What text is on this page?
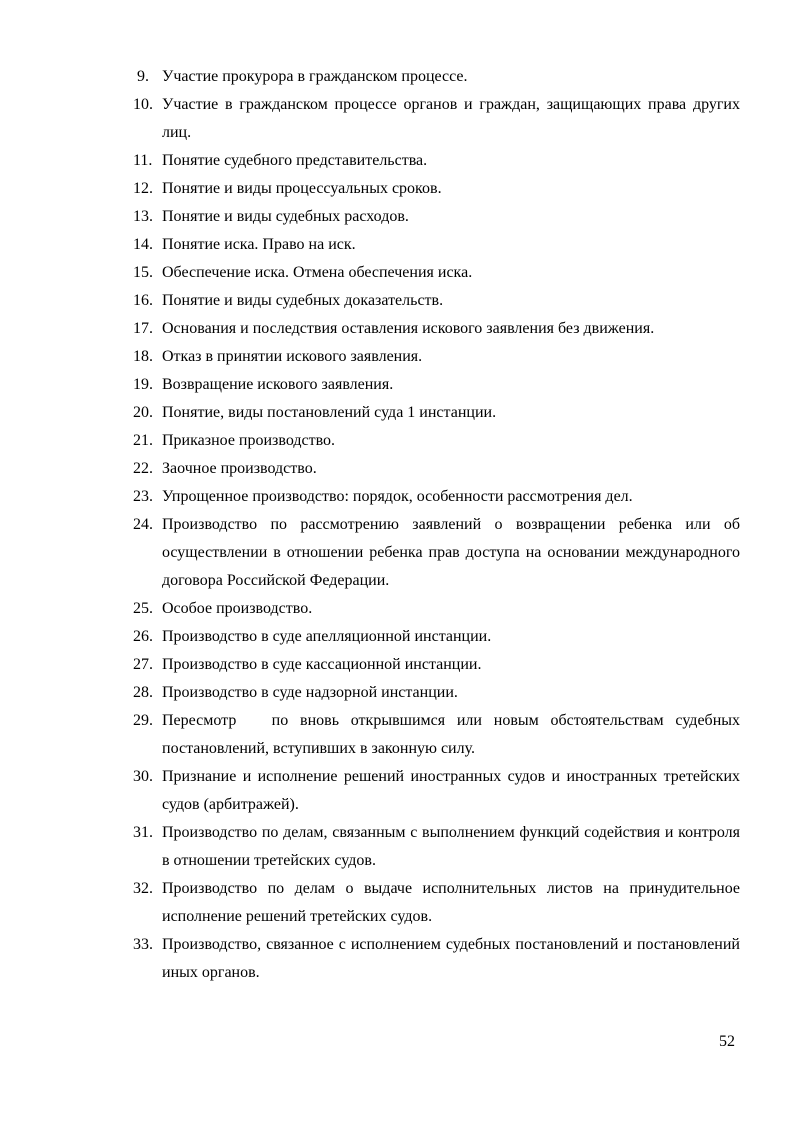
9. Участие прокурора в гражданском процессе.
10. Участие в гражданском процессе органов и граждан, защищающих права других лиц.
11. Понятие судебного представительства.
12. Понятие и виды процессуальных сроков.
13. Понятие и виды судебных расходов.
14. Понятие иска. Право на иск.
15. Обеспечение иска. Отмена обеспечения иска.
16. Понятие и виды судебных доказательств.
17. Основания и последствия оставления искового заявления без движения.
18. Отказ в принятии искового заявления.
19. Возвращение искового заявления.
20. Понятие, виды постановлений суда 1 инстанции.
21. Приказное производство.
22. Заочное производство.
23. Упрощенное производство: порядок, особенности рассмотрения дел.
24. Производство по рассмотрению заявлений о возвращении ребенка или об осуществлении в отношении ребенка прав доступа на основании международного договора Российской Федерации.
25. Особое производство.
26. Производство в суде апелляционной инстанции.
27. Производство в суде кассационной инстанции.
28. Производство в суде надзорной инстанции.
29. Пересмотр   по вновь открывшимся или новым обстоятельствам судебных постановлений, вступивших в законную силу.
30. Признание и исполнение решений иностранных судов и иностранных третейских судов (арбитражей).
31. Производство по делам, связанным с выполнением функций содействия и контроля в отношении третейских судов.
32. Производство по делам о выдаче исполнительных листов на принудительное исполнение решений третейских судов.
33. Производство, связанное с исполнением судебных постановлений и постановлений иных органов.
52
